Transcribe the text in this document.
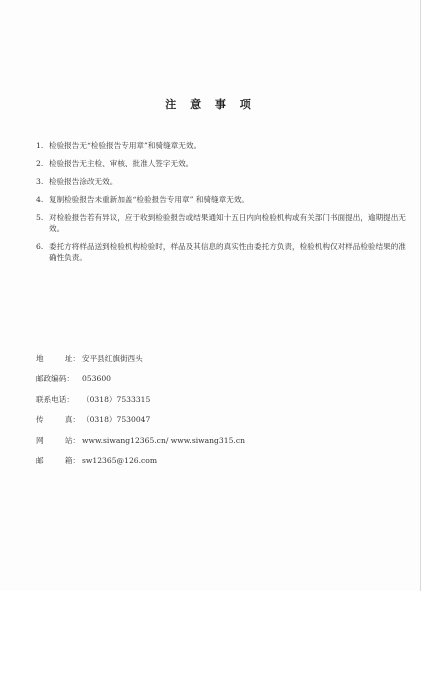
注 意 事 项
1. 检验报告无“检验报告专用章”和骑缝章无效。
2. 检验报告无主检、审核、批准人签字无效。
3. 检验报告涂改无效。
4. 复制检验报告未重新加盖“检验报告专用章” 和骑缝章无效。
5. 对检验报告若有异议，应于收到检验报告或结果通知十五日内向检验机构或有关部门书面提出，逾期提出无效。
6. 委托方将样品送到检验机构检验时，样品及其信息的真实性由委托方负责，检验机构仅对样品检验结果的准确性负责。
地	址： 安平县红旗街西头
邮政编码：	053600
联系电话：	（0318）7533315
传	真： （0318）7530047
网	站： www.siwang12365.cn/ www.siwang315.cn
邮	箱： sw12365@126.com
